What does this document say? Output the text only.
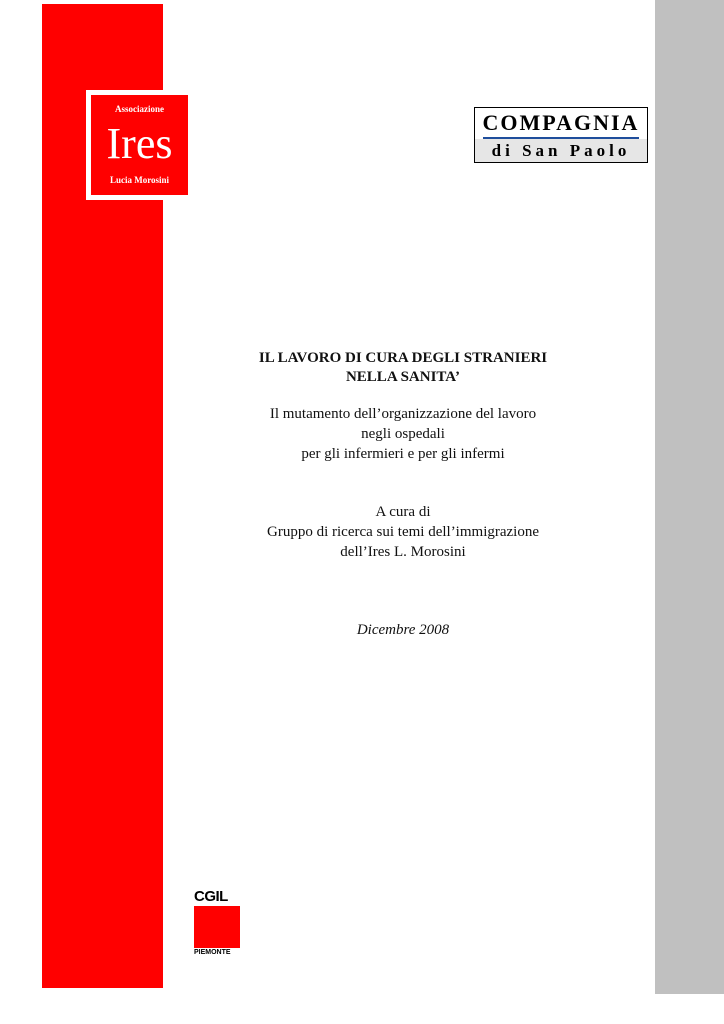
Associazione
Ires
Lucia Morosini
COMPAGNIA
di San Paolo
IL LAVORO DI CURA DEGLI STRANIERI
NELLA SANITA’
Il mutamento dell’organizzazione del lavoro
negli ospedali
per gli infermieri e per gli infermi
A cura di
Gruppo di ricerca sui temi dell’immigrazione
dell’Ires L. Morosini
Dicembre 2008
CGIL
PIEMONTE
